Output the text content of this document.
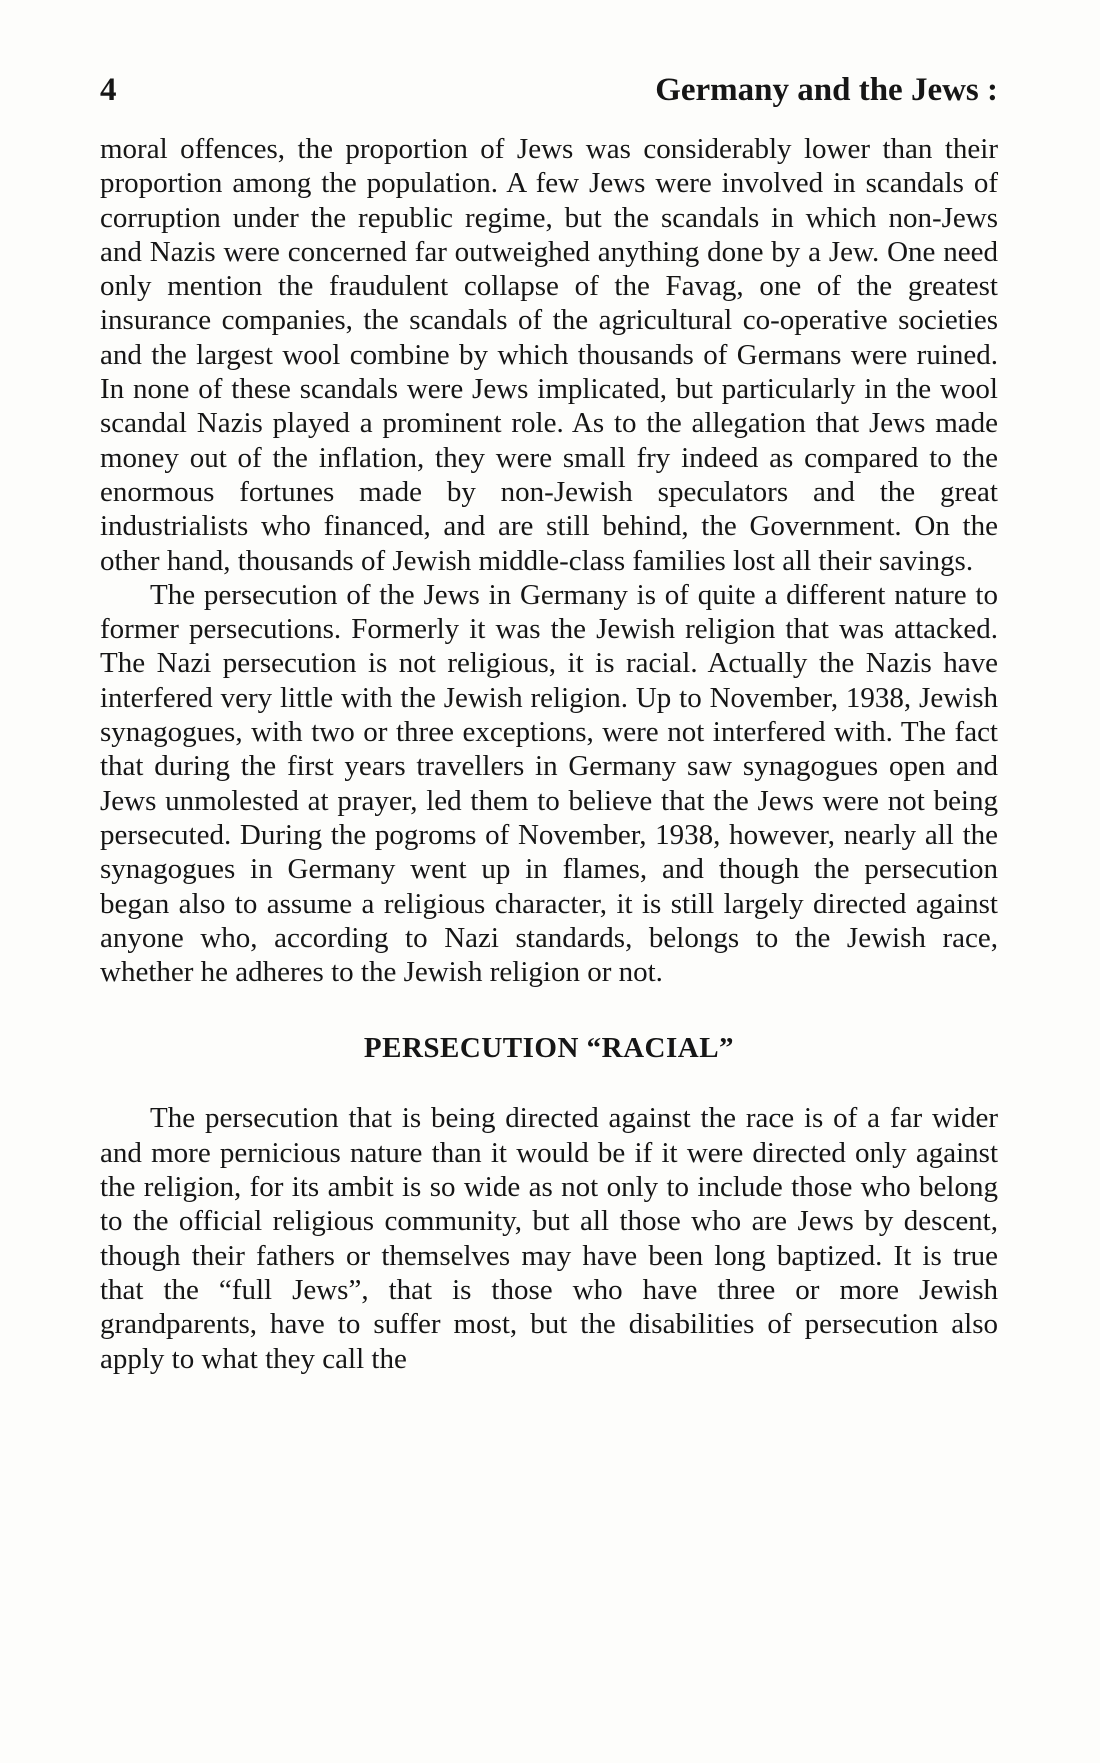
4	Germany and the Jews :

moral offences, the proportion of Jews was considerably lower than their proportion among the population. A few Jews were involved in scandals of corruption under the republic regime, but the scandals in which non-Jews and Nazis were concerned far outweighed anything done by a Jew. One need only mention the fraudulent collapse of the Favag, one of the greatest insurance companies, the scandals of the agricultural co-operative societies and the largest wool combine by which thousands of Germans were ruined. In none of these scandals were Jews implicated, but particularly in the wool scandal Nazis played a prominent role. As to the allegation that Jews made money out of the inflation, they were small fry indeed as compared to the enormous fortunes made by non-Jewish speculators and the great industrialists who financed, and are still behind, the Government. On the other hand, thousands of Jewish middle-class families lost all their savings.

The persecution of the Jews in Germany is of quite a different nature to former persecutions. Formerly it was the Jewish religion that was attacked. The Nazi persecution is not religious, it is racial. Actually the Nazis have interfered very little with the Jewish religion. Up to November, 1938, Jewish synagogues, with two or three exceptions, were not interfered with. The fact that during the first years travellers in Germany saw synagogues open and Jews unmolested at prayer, led them to believe that the Jews were not being persecuted. During the pogroms of November, 1938, however, nearly all the synagogues in Germany went up in flames, and though the persecution began also to assume a religious character, it is still largely directed against anyone who, according to Nazi standards, belongs to the Jewish race, whether he adheres to the Jewish religion or not.

PERSECUTION “RACIAL”

The persecution that is being directed against the race is of a far wider and more pernicious nature than it would be if it were directed only against the religion, for its ambit is so wide as not only to include those who belong to the official religious community, but all those who are Jews by descent, though their fathers or themselves may have been long baptized. It is true that the “full Jews”, that is those who have three or more Jewish grandparents, have to suffer most, but the disabilities of persecution also apply to what they call the
